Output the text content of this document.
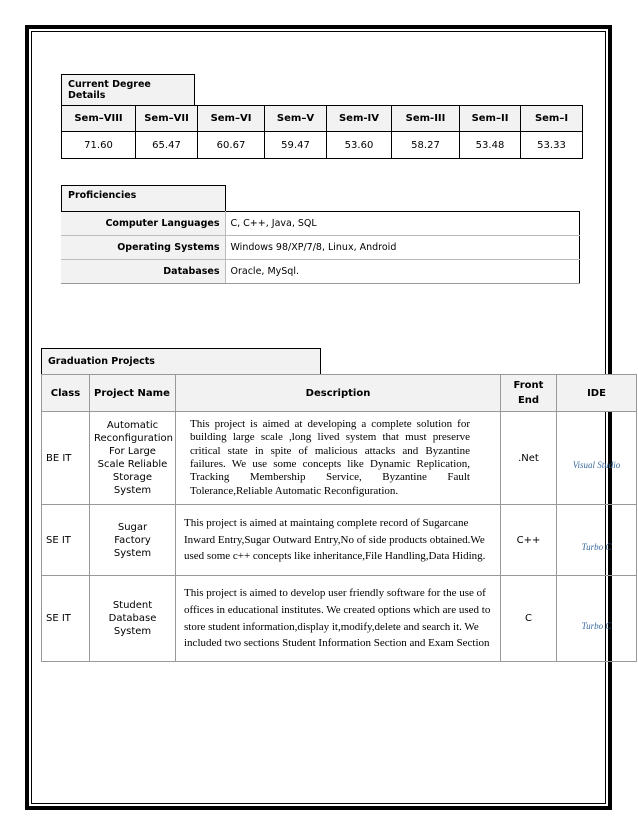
Current Degree Details
Sem–VIII	Sem–VII	Sem–VI	Sem–V	Sem-IV	Sem-III	Sem–II	Sem–I
71.60	65.47	60.67	59.47	53.60	58.27	53.48	53.33
Proficiencies
Computer Languages	C, C++, Java, SQL
Operating Systems	Windows 98/XP/7/8, Linux, Android
Databases	Oracle, MySql.
Graduation Projects
Class	Project Name	Description	Front End	IDE
BE IT	Automatic Reconfiguration For Large Scale Reliable Storage System	This project is aimed at developing a complete solution for building large scale ,long lived system that must preserve critical state in spite of malicious attacks and Byzantine failures. We use some concepts like Dynamic Replication, Tracking Membership Service, Byzantine Fault Tolerance,Reliable Automatic Reconfiguration.	.Net	Visual Studio
SE IT	Sugar Factory System	This project is aimed at maintaing complete record of Sugarcane Inward Entry,Sugar Outward Entry,No of side products obtained.We used some c++ concepts like inheritance,File Handling,Data Hiding.	C++	Turbo C
SE IT	Student Database System	This project is aimed to develop user friendly software for the use of offices in educational institutes. We created options which are used to store student information,display it,modify,delete and search it. We included two sections Student Information Section and Exam Section	C	Turbo C
